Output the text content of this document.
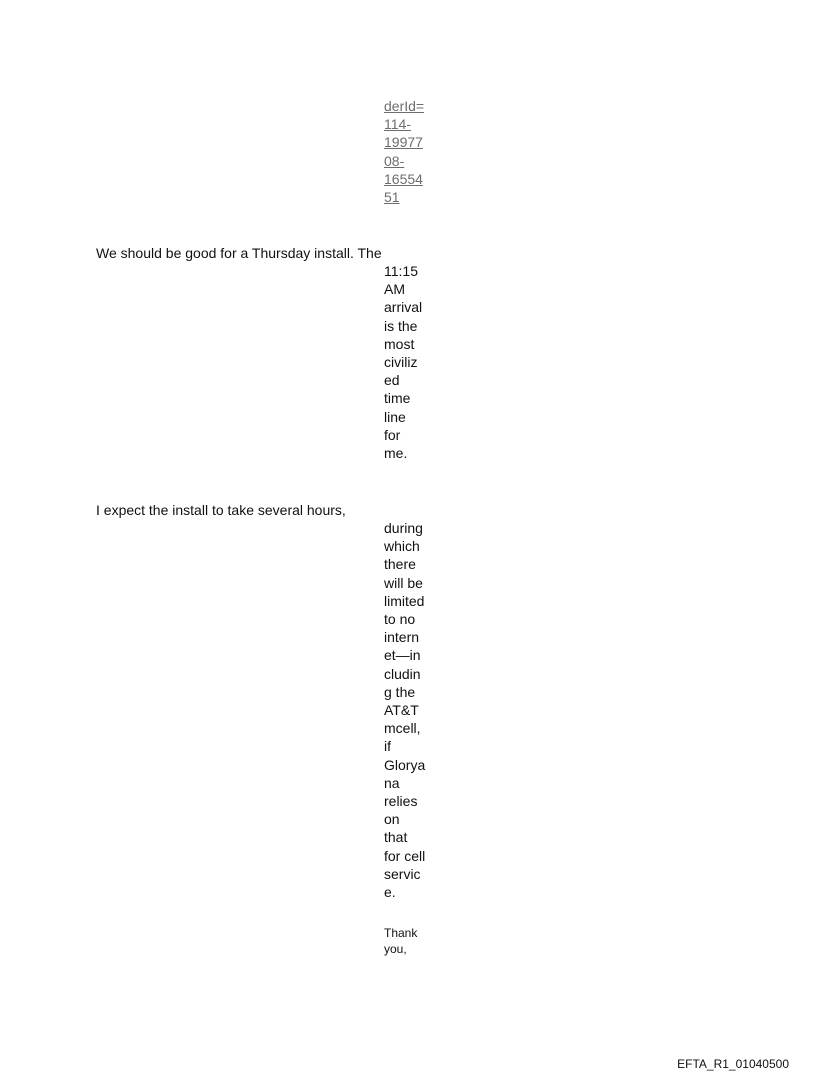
derId=
114-
19977
08-
16554
51
We should be good for a Thursday install. The
11:15
AM
arrival
is the
most
civiliz
ed
time
line
for
me.
I expect the install to take several hours,
during
which
there
will be
limited
to no
intern
et—in
cludin
g the
AT&T
mcell,
if
Glorya
na
relies
on
that
for cell
servic
e.
Thank
you,
EFTA_R1_01040500
